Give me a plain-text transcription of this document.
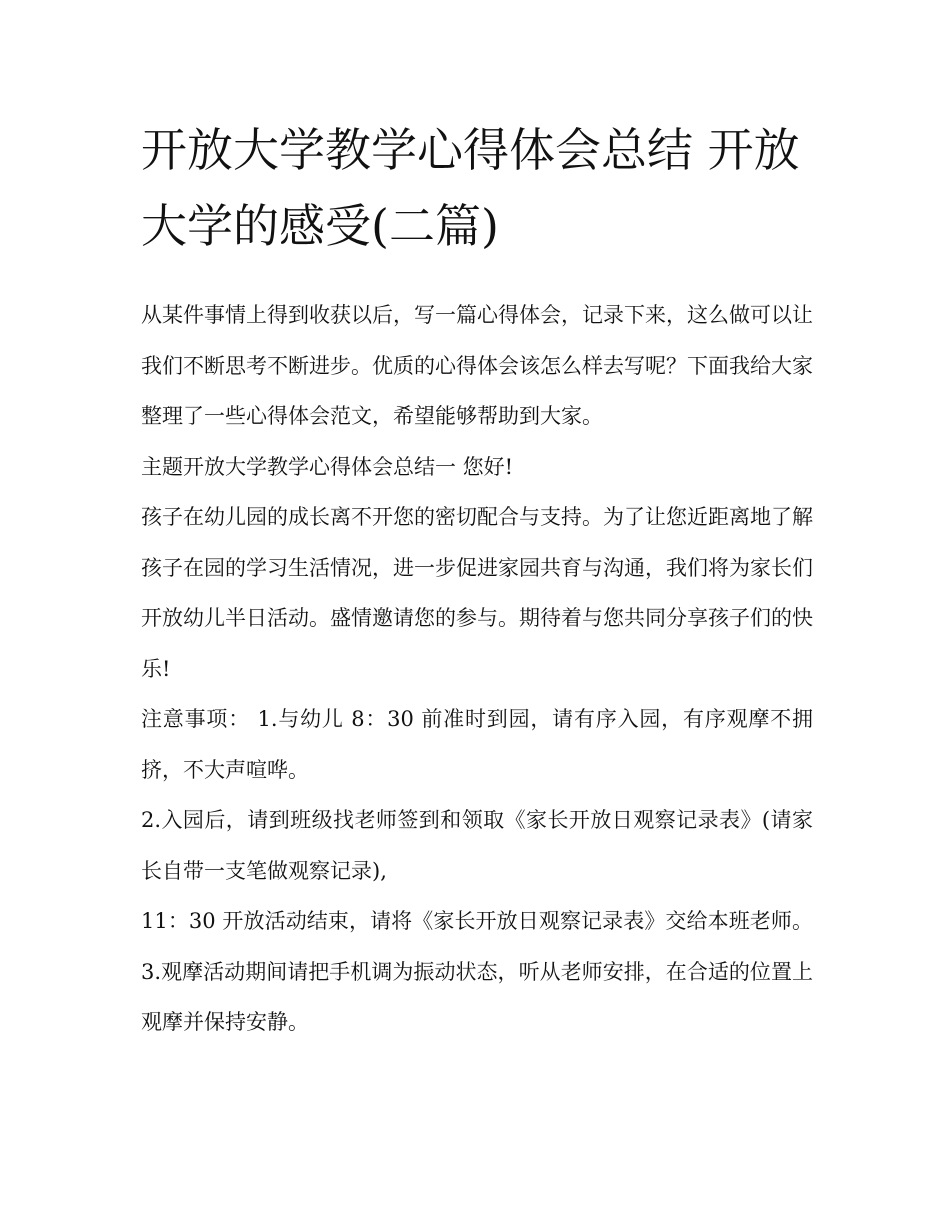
开放大学教学心得体会总结 开放大学的感受(二篇)

从某件事情上得到收获以后，写一篇心得体会，记录下来，这么做可以让我们不断思考不断进步。优质的心得体会该怎么样去写呢？下面我给大家整理了一些心得体会范文，希望能够帮助到大家。

主题开放大学教学心得体会总结一 您好!

孩子在幼儿园的成长离不开您的密切配合与支持。为了让您近距离地了解孩子在园的学习生活情况，进一步促进家园共育与沟通，我们将为家长们开放幼儿半日活动。盛情邀请您的参与。期待着与您共同分享孩子们的快乐!

注意事项： 1.与幼儿 8：30 前准时到园，请有序入园，有序观摩不拥挤，不大声喧哗。

2.入园后，请到班级找老师签到和领取《家长开放日观察记录表》(请家长自带一支笔做观察记录),

11：30 开放活动结束，请将《家长开放日观察记录表》交给本班老师。 3.观摩活动期间请把手机调为振动状态，听从老师安排，在合适的位置上观摩并保持安静。
